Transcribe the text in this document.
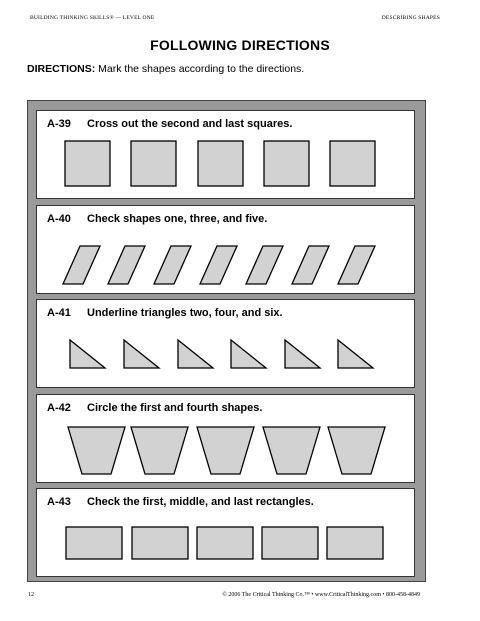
BUILDING THINKING SKILLS® — LEVEL ONE	DESCRIBING SHAPES
FOLLOWING DIRECTIONS
DIRECTIONS: Mark the shapes according to the directions.
A-39 Cross out the second and last squares.
A-40 Check shapes one, three, and five.
A-41 Underline triangles two, four, and six.
A-42 Circle the first and fourth shapes.
A-43 Check the first, middle, and last rectangles.
12	© 2006 The Critical Thinking Co.™ • www.CriticalThinking.com • 800-458-4849
